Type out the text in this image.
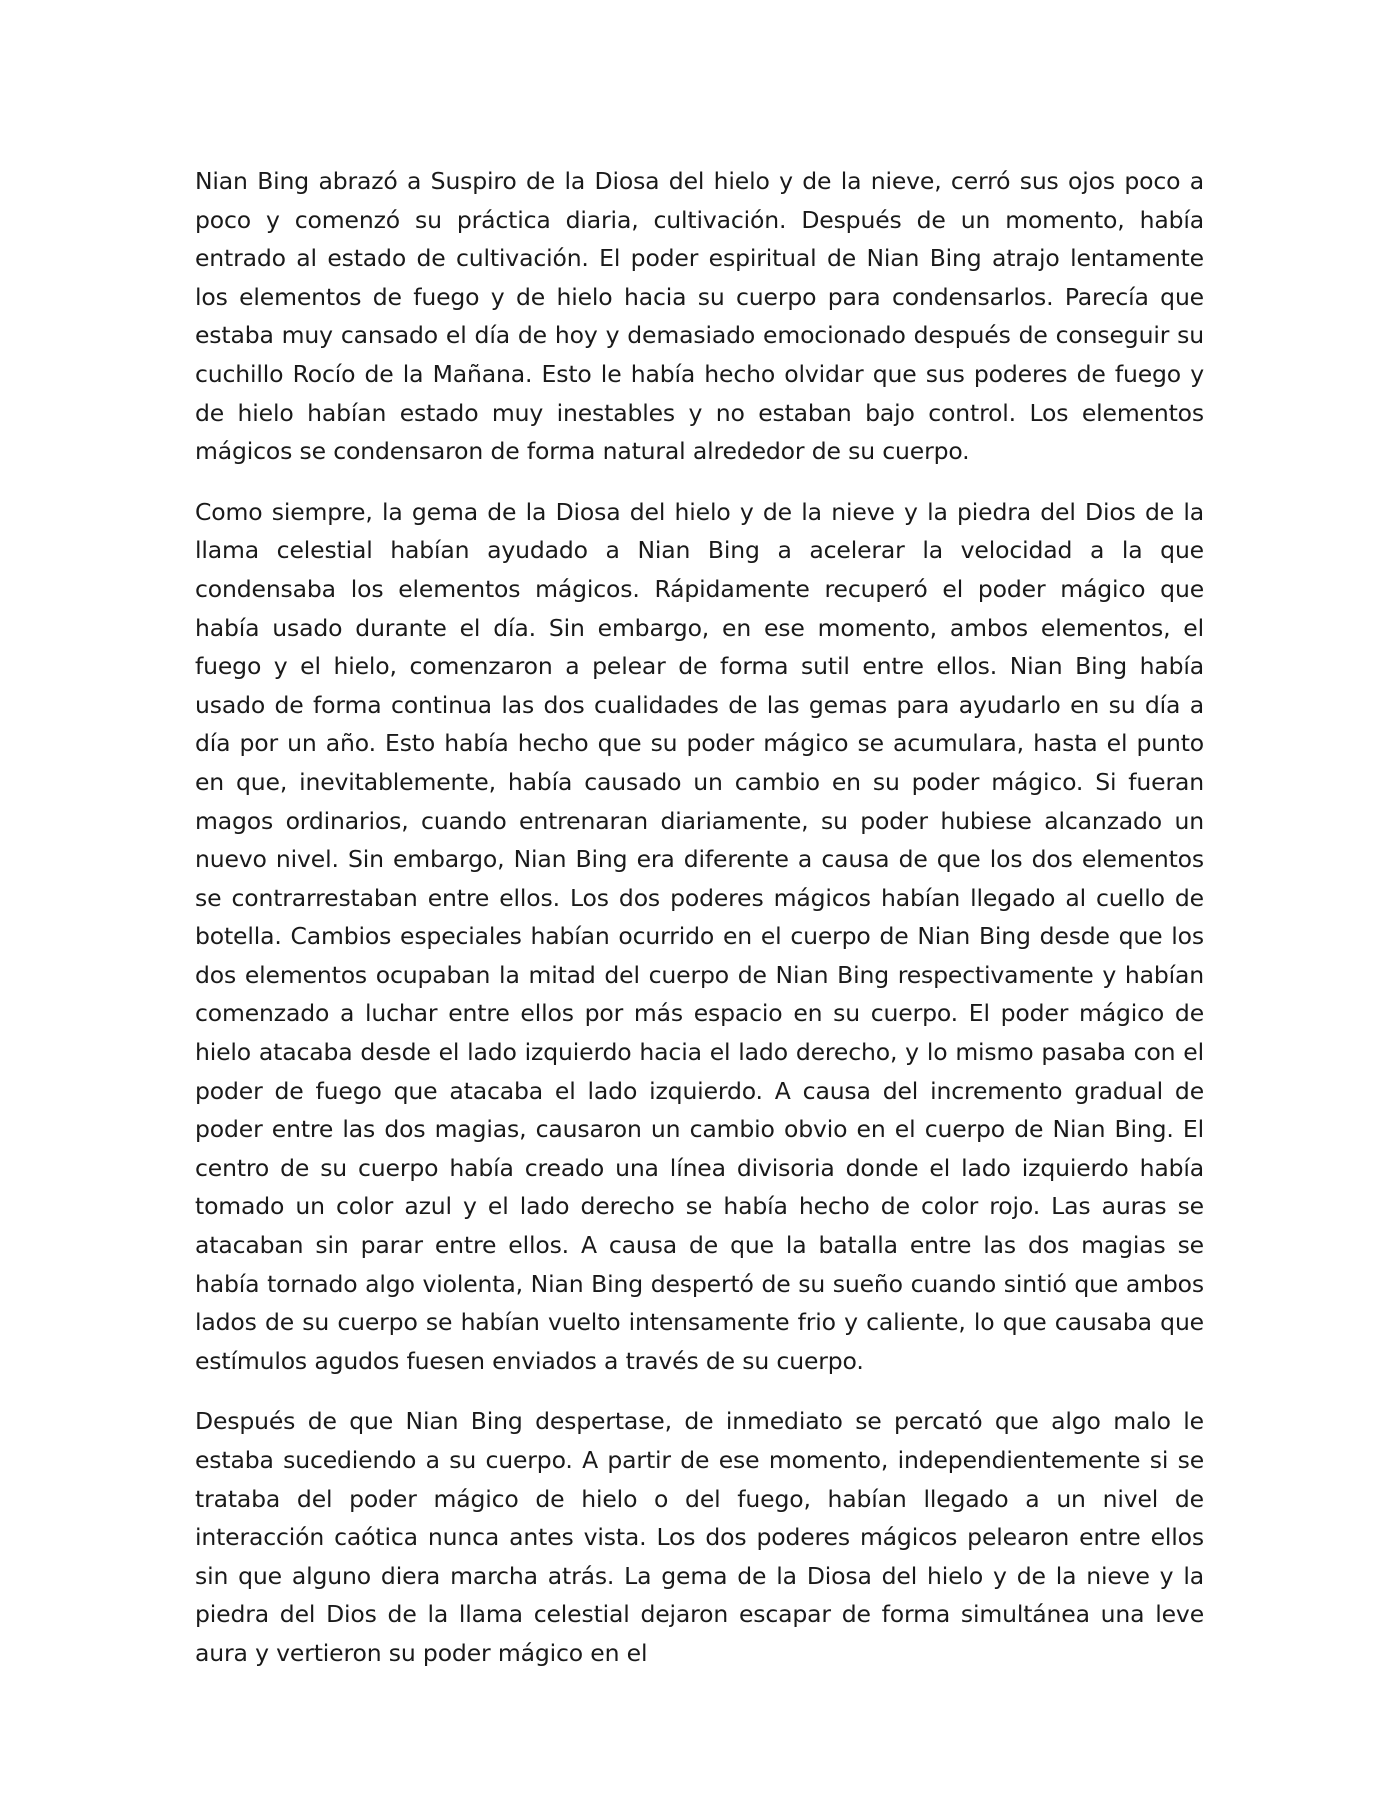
Nian Bing abrazó a Suspiro de la Diosa del hielo y de la nieve, cerró sus ojos poco a poco y comenzó su práctica diaria, cultivación. Después de un momento, había entrado al estado de cultivación. El poder espiritual de Nian Bing atrajo lentamente los elementos de fuego y de hielo hacia su cuerpo para condensarlos. Parecía que estaba muy cansado el día de hoy y demasiado emocionado después de conseguir su cuchillo Rocío de la Mañana. Esto le había hecho olvidar que sus poderes de fuego y de hielo habían estado muy inestables y no estaban bajo control. Los elementos mágicos se condensaron de forma natural alrededor de su cuerpo.

Como siempre, la gema de la Diosa del hielo y de la nieve y la piedra del Dios de la llama celestial habían ayudado a Nian Bing a acelerar la velocidad a la que condensaba los elementos mágicos. Rápidamente recuperó el poder mágico que había usado durante el día. Sin embargo, en ese momento, ambos elementos, el fuego y el hielo, comenzaron a pelear de forma sutil entre ellos. Nian Bing había usado de forma continua las dos cualidades de las gemas para ayudarlo en su día a día por un año. Esto había hecho que su poder mágico se acumulara, hasta el punto en que, inevitablemente, había causado un cambio en su poder mágico. Si fueran magos ordinarios, cuando entrenaran diariamente, su poder hubiese alcanzado un nuevo nivel. Sin embargo, Nian Bing era diferente a causa de que los dos elementos se contrarrestaban entre ellos. Los dos poderes mágicos habían llegado al cuello de botella. Cambios especiales habían ocurrido en el cuerpo de Nian Bing desde que los dos elementos ocupaban la mitad del cuerpo de Nian Bing respectivamente y habían comenzado a luchar entre ellos por más espacio en su cuerpo. El poder mágico de hielo atacaba desde el lado izquierdo hacia el lado derecho, y lo mismo pasaba con el poder de fuego que atacaba el lado izquierdo. A causa del incremento gradual de poder entre las dos magias, causaron un cambio obvio en el cuerpo de Nian Bing. El centro de su cuerpo había creado una línea divisoria donde el lado izquierdo había tomado un color azul y el lado derecho se había hecho de color rojo. Las auras se atacaban sin parar entre ellos. A causa de que la batalla entre las dos magias se había tornado algo violenta, Nian Bing despertó de su sueño cuando sintió que ambos lados de su cuerpo se habían vuelto intensamente frio y caliente, lo que causaba que estímulos agudos fuesen enviados a través de su cuerpo.

Después de que Nian Bing despertase, de inmediato se percató que algo malo le estaba sucediendo a su cuerpo. A partir de ese momento, independientemente si se trataba del poder mágico de hielo o del fuego, habían llegado a un nivel de interacción caótica nunca antes vista. Los dos poderes mágicos pelearon entre ellos sin que alguno diera marcha atrás. La gema de la Diosa del hielo y de la nieve y la piedra del Dios de la llama celestial dejaron escapar de forma simultánea una leve aura y vertieron su poder mágico en el
